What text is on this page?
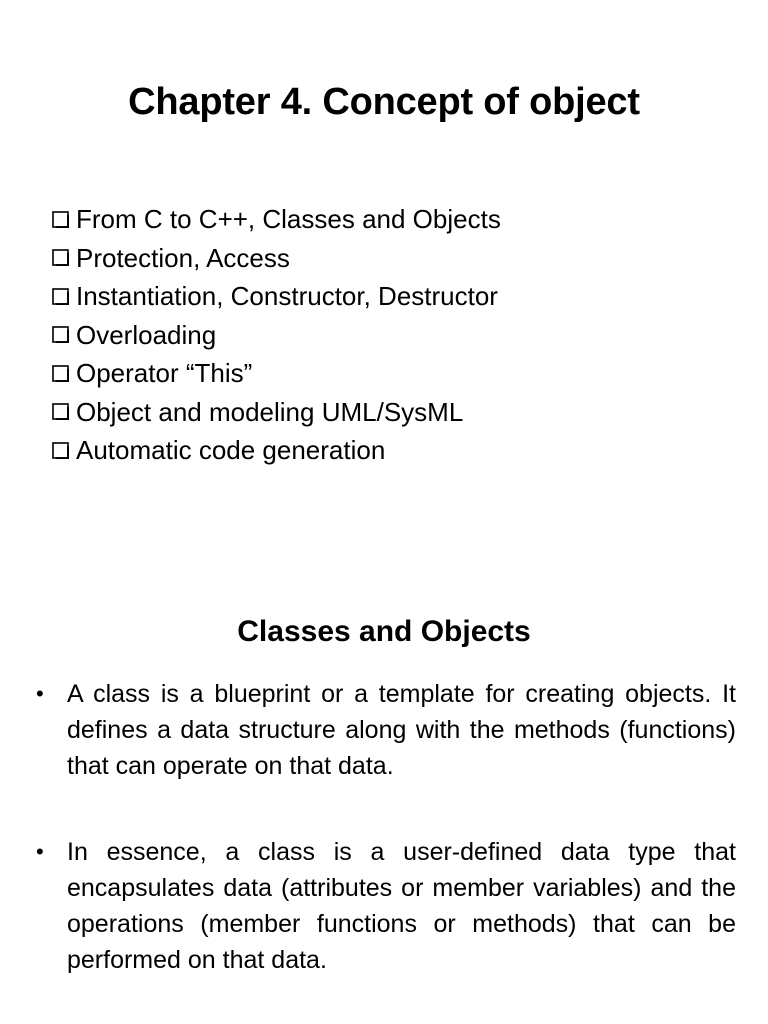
Chapter 4. Concept of object
From C to C++, Classes and Objects
Protection, Access
Instantiation, Constructor, Destructor
Overloading
Operator “This”
Object and modeling UML/SysML
Automatic code generation
Classes and Objects
• A class is a blueprint or a template for creating objects. It defines a data structure along with the methods (functions) that can operate on that data.
• In essence, a class is a user-defined data type that encapsulates data (attributes or member variables) and the operations (member functions or methods) that can be performed on that data.
